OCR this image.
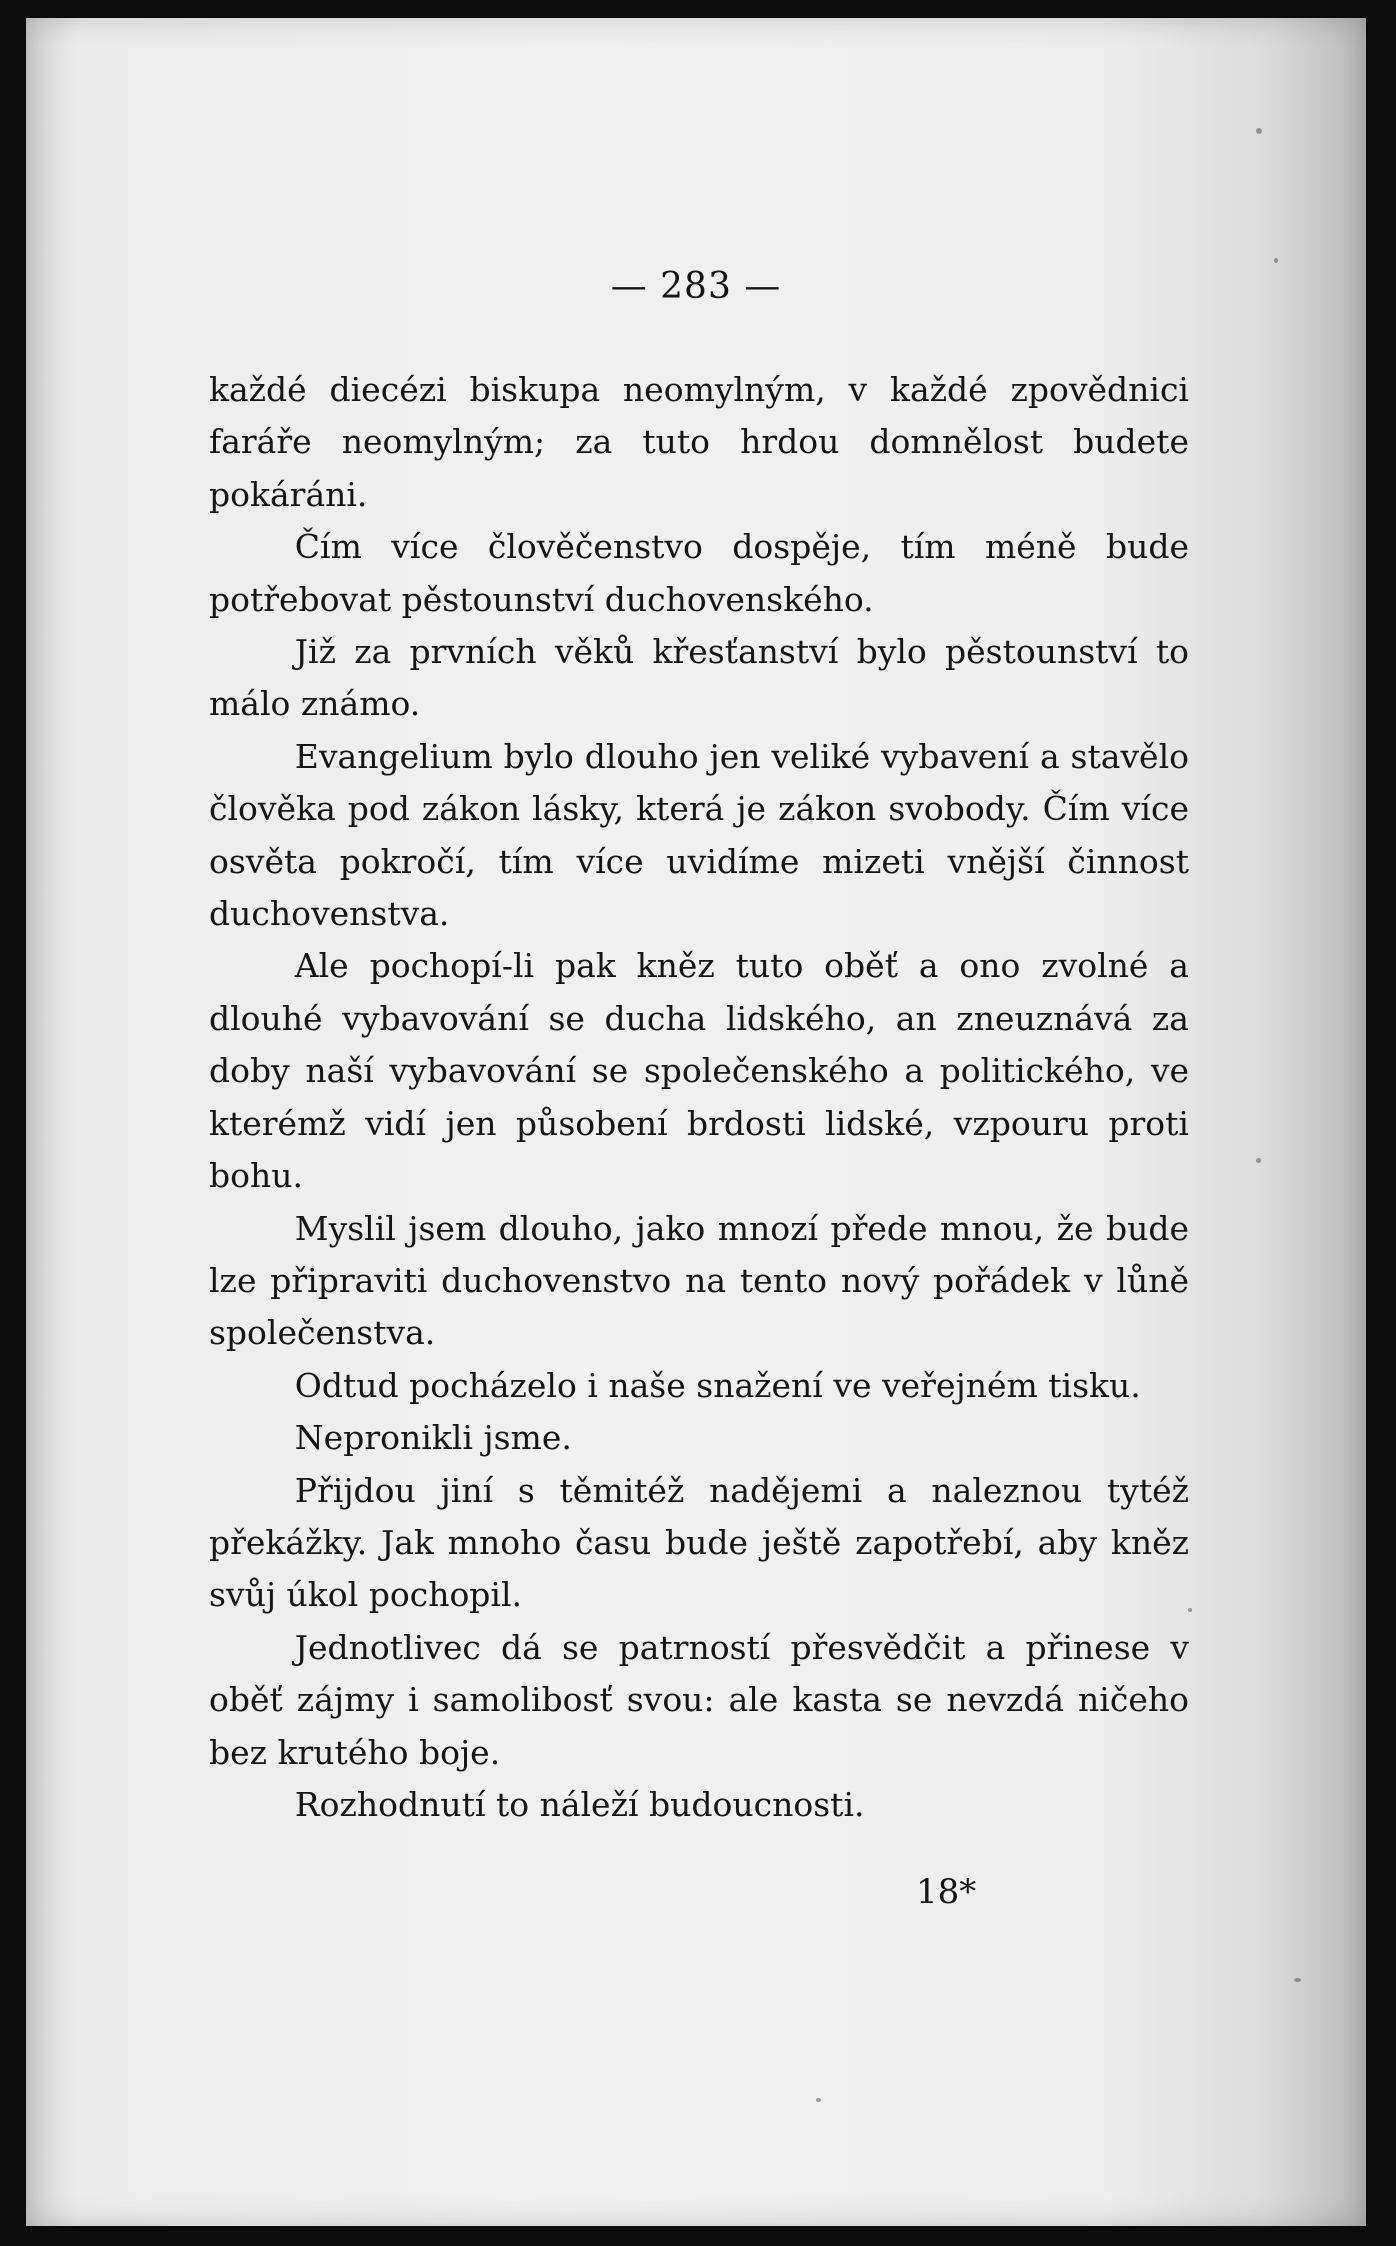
— 283 —

každé diecézi biskupa neomylným, v každé zpovědnici faráře neomylným; za tuto hrdou domnělost budete pokáráni.

Čím více člověčenstvo dospěje, tím méně bude potřebovat pěstounství duchovenského.

Již za prvních věků křesťanství bylo pěstounství to málo známo.

Evangelium bylo dlouho jen veliké vybavení a stavělo člověka pod zákon lásky, která je zákon svobody. Čím více osvěta pokročí, tím více uvidíme mizeti vnější činnost duchovenstva.

Ale pochopí-li pak kněz tuto oběť a ono zvolné a dlouhé vybavování se ducha lidského, an zneuznává za doby naší vybavování se společenského a politického, ve kterémž vidí jen působení brdosti lidské, vzpouru proti bohu.

Myslil jsem dlouho, jako mnozí přede mnou, že bude lze připraviti duchovenstvo na tento nový pořádek v lůně společenstva.

Odtud pocházelo i naše snažení ve veřejném tisku.

Nepronikli jsme.

Přijdou jiní s těmitéž nadějemi a naleznou tytéž překážky. Jak mnoho času bude ještě zapotřebí, aby kněz svůj úkol pochopil.

Jednotlivec dá se patrností přesvědčit a přinese v oběť zájmy i samolibosť svou: ale kasta se nevzdá ničeho bez krutého boje.

Rozhodnutí to náleží budoucnosti.

18*
